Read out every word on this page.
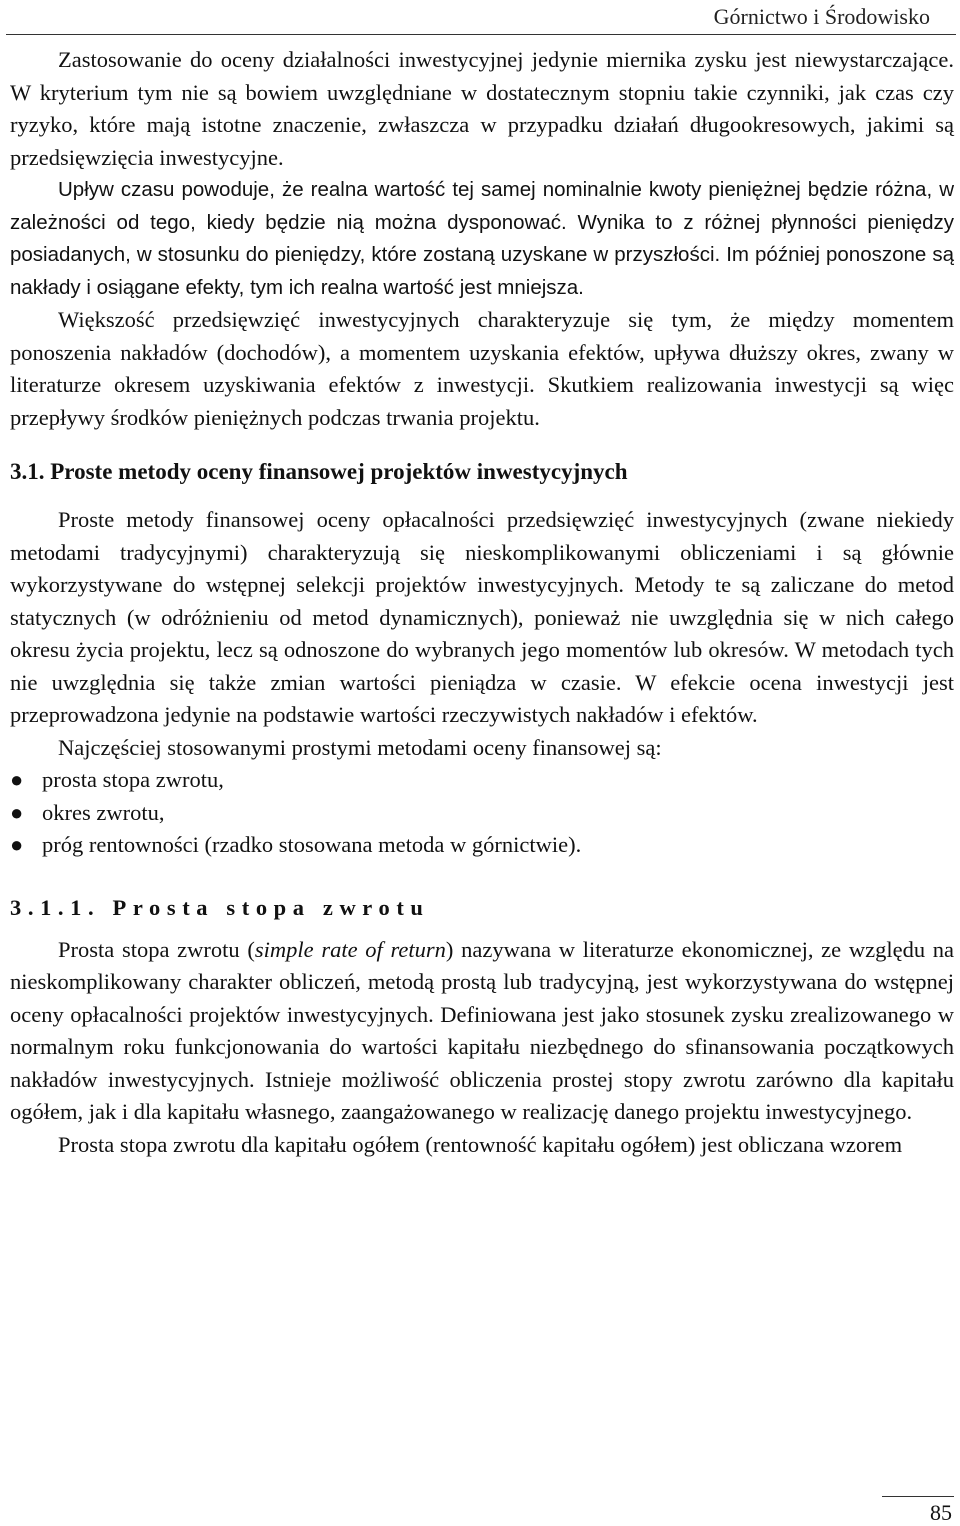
Górnictwo i Środowisko

Zastosowanie do oceny działalności inwestycyjnej jedynie miernika zysku jest niewystarczające. W kryterium tym nie są bowiem uwzględniane w dostatecznym stopniu takie czynniki, jak czas czy ryzyko, które mają istotne znaczenie, zwłaszcza w przypadku działań długookresowych, jakimi są przedsięwzięcia inwestycyjne.

Upływ czasu powoduje, że realna wartość tej samej nominalnie kwoty pieniężnej będzie różna, w zależności od tego, kiedy będzie nią można dysponować. Wynika to z różnej płynności pieniędzy posiadanych, w stosunku do pieniędzy, które zostaną uzyskane w przyszłości. Im później ponoszone są nakłady i osiągane efekty, tym ich realna wartość jest mniejsza.

Większość przedsięwzięć inwestycyjnych charakteryzuje się tym, że między momentem ponoszenia nakładów (dochodów), a momentem uzyskania efektów, upływa dłuższy okres, zwany w literaturze okresem uzyskiwania efektów z inwestycji. Skutkiem realizowania inwestycji są więc przepływy środków pieniężnych podczas trwania projektu.

3.1. Proste metody oceny finansowej projektów inwestycyjnych

Proste metody finansowej oceny opłacalności przedsięwzięć inwestycyjnych (zwane niekiedy metodami tradycyjnymi) charakteryzują się nieskomplikowanymi obliczeniami i są głównie wykorzystywane do wstępnej selekcji projektów inwestycyjnych. Metody te są zaliczane do metod statycznych (w odróżnieniu od metod dynamicznych), ponieważ nie uwzględnia się w nich całego okresu życia projektu, lecz są odnoszone do wybranych jego momentów lub okresów. W metodach tych nie uwzględnia się także zmian wartości pieniądza w czasie. W efekcie ocena inwestycji jest przeprowadzona jedynie na podstawie wartości rzeczywistych nakładów i efektów.

Najczęściej stosowanymi prostymi metodami oceny finansowej są:

● prosta stopa zwrotu,
● okres zwrotu,
● próg rentowności (rzadko stosowana metoda w górnictwie).
3.1.1. Prosta stopa zwrotu

Prosta stopa zwrotu (simple rate of return) nazywana w literaturze ekonomicznej, ze względu na nieskomplikowany charakter obliczeń, metodą prostą lub tradycyjną, jest wykorzystywana do wstępnej oceny opłacalności projektów inwestycyjnych. Definiowana jest jako stosunek zysku zrealizowanego w normalnym roku funkcjonowania do wartości kapitału niezbędnego do sfinansowania początkowych nakładów inwestycyjnych. Istnieje możliwość obliczenia prostej stopy zwrotu zarówno dla kapitału ogółem, jak i dla kapitału własnego, zaangażowanego w realizację danego projektu inwestycyjnego.

Prosta stopa zwrotu dla kapitału ogółem (rentowność kapitału ogółem) jest obliczana wzorem

85
